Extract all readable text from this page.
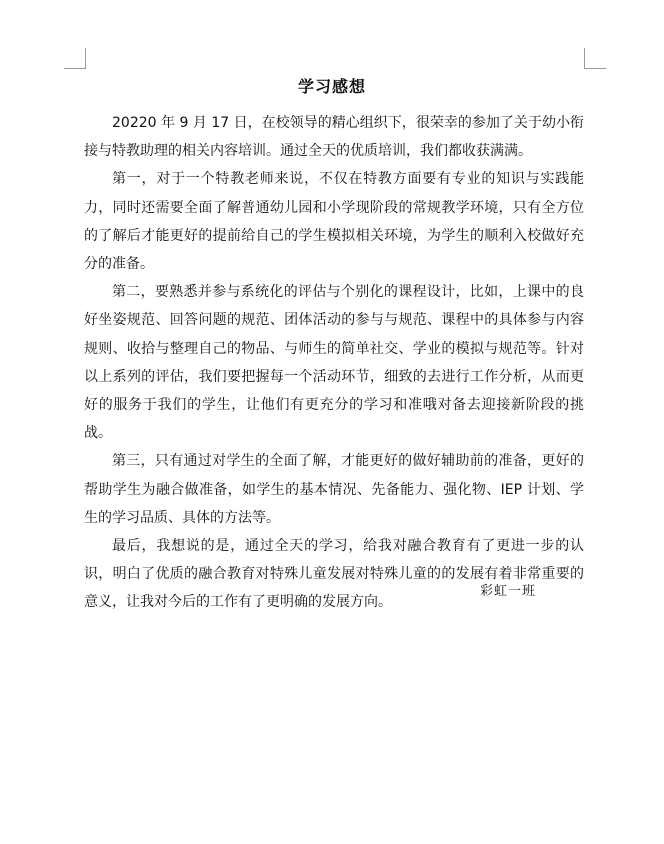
学习感想

20220 年 9 月 17 日，在校领导的精心组织下，很荣幸的参加了关于幼小衔接与特教助理的相关内容培训。通过全天的优质培训，我们都收获满满。

第一，对于一个特教老师来说，不仅在特教方面要有专业的知识与实践能力，同时还需要全面了解普通幼儿园和小学现阶段的常规教学环境，只有全方位的了解后才能更好的提前给自己的学生模拟相关环境，为学生的顺利入校做好充分的准备。

第二，要熟悉并参与系统化的评估与个别化的课程设计，比如，上课中的良好坐姿规范、回答问题的规范、团体活动的参与与规范、课程中的具体参与内容规则、收拾与整理自己的物品、与师生的简单社交、学业的模拟与规范等。针对以上系列的评估，我们要把握每一个活动环节，细致的去进行工作分析，从而更好的服务于我们的学生，让他们有更充分的学习和准哦对备去迎接新阶段的挑战。

第三，只有通过对学生的全面了解，才能更好的做好辅助前的准备，更好的帮助学生为融合做准备，如学生的基本情况、先备能力、强化物、IEP 计划、学生的学习品质、具体的方法等。

最后，我想说的是，通过全天的学习，给我对融合教育有了更进一步的认识，明白了优质的融合教育对特殊儿童发展对特殊儿童的的发展有着非常重要的意义，让我对今后的工作有了更明确的发展方向。

彩虹一班
